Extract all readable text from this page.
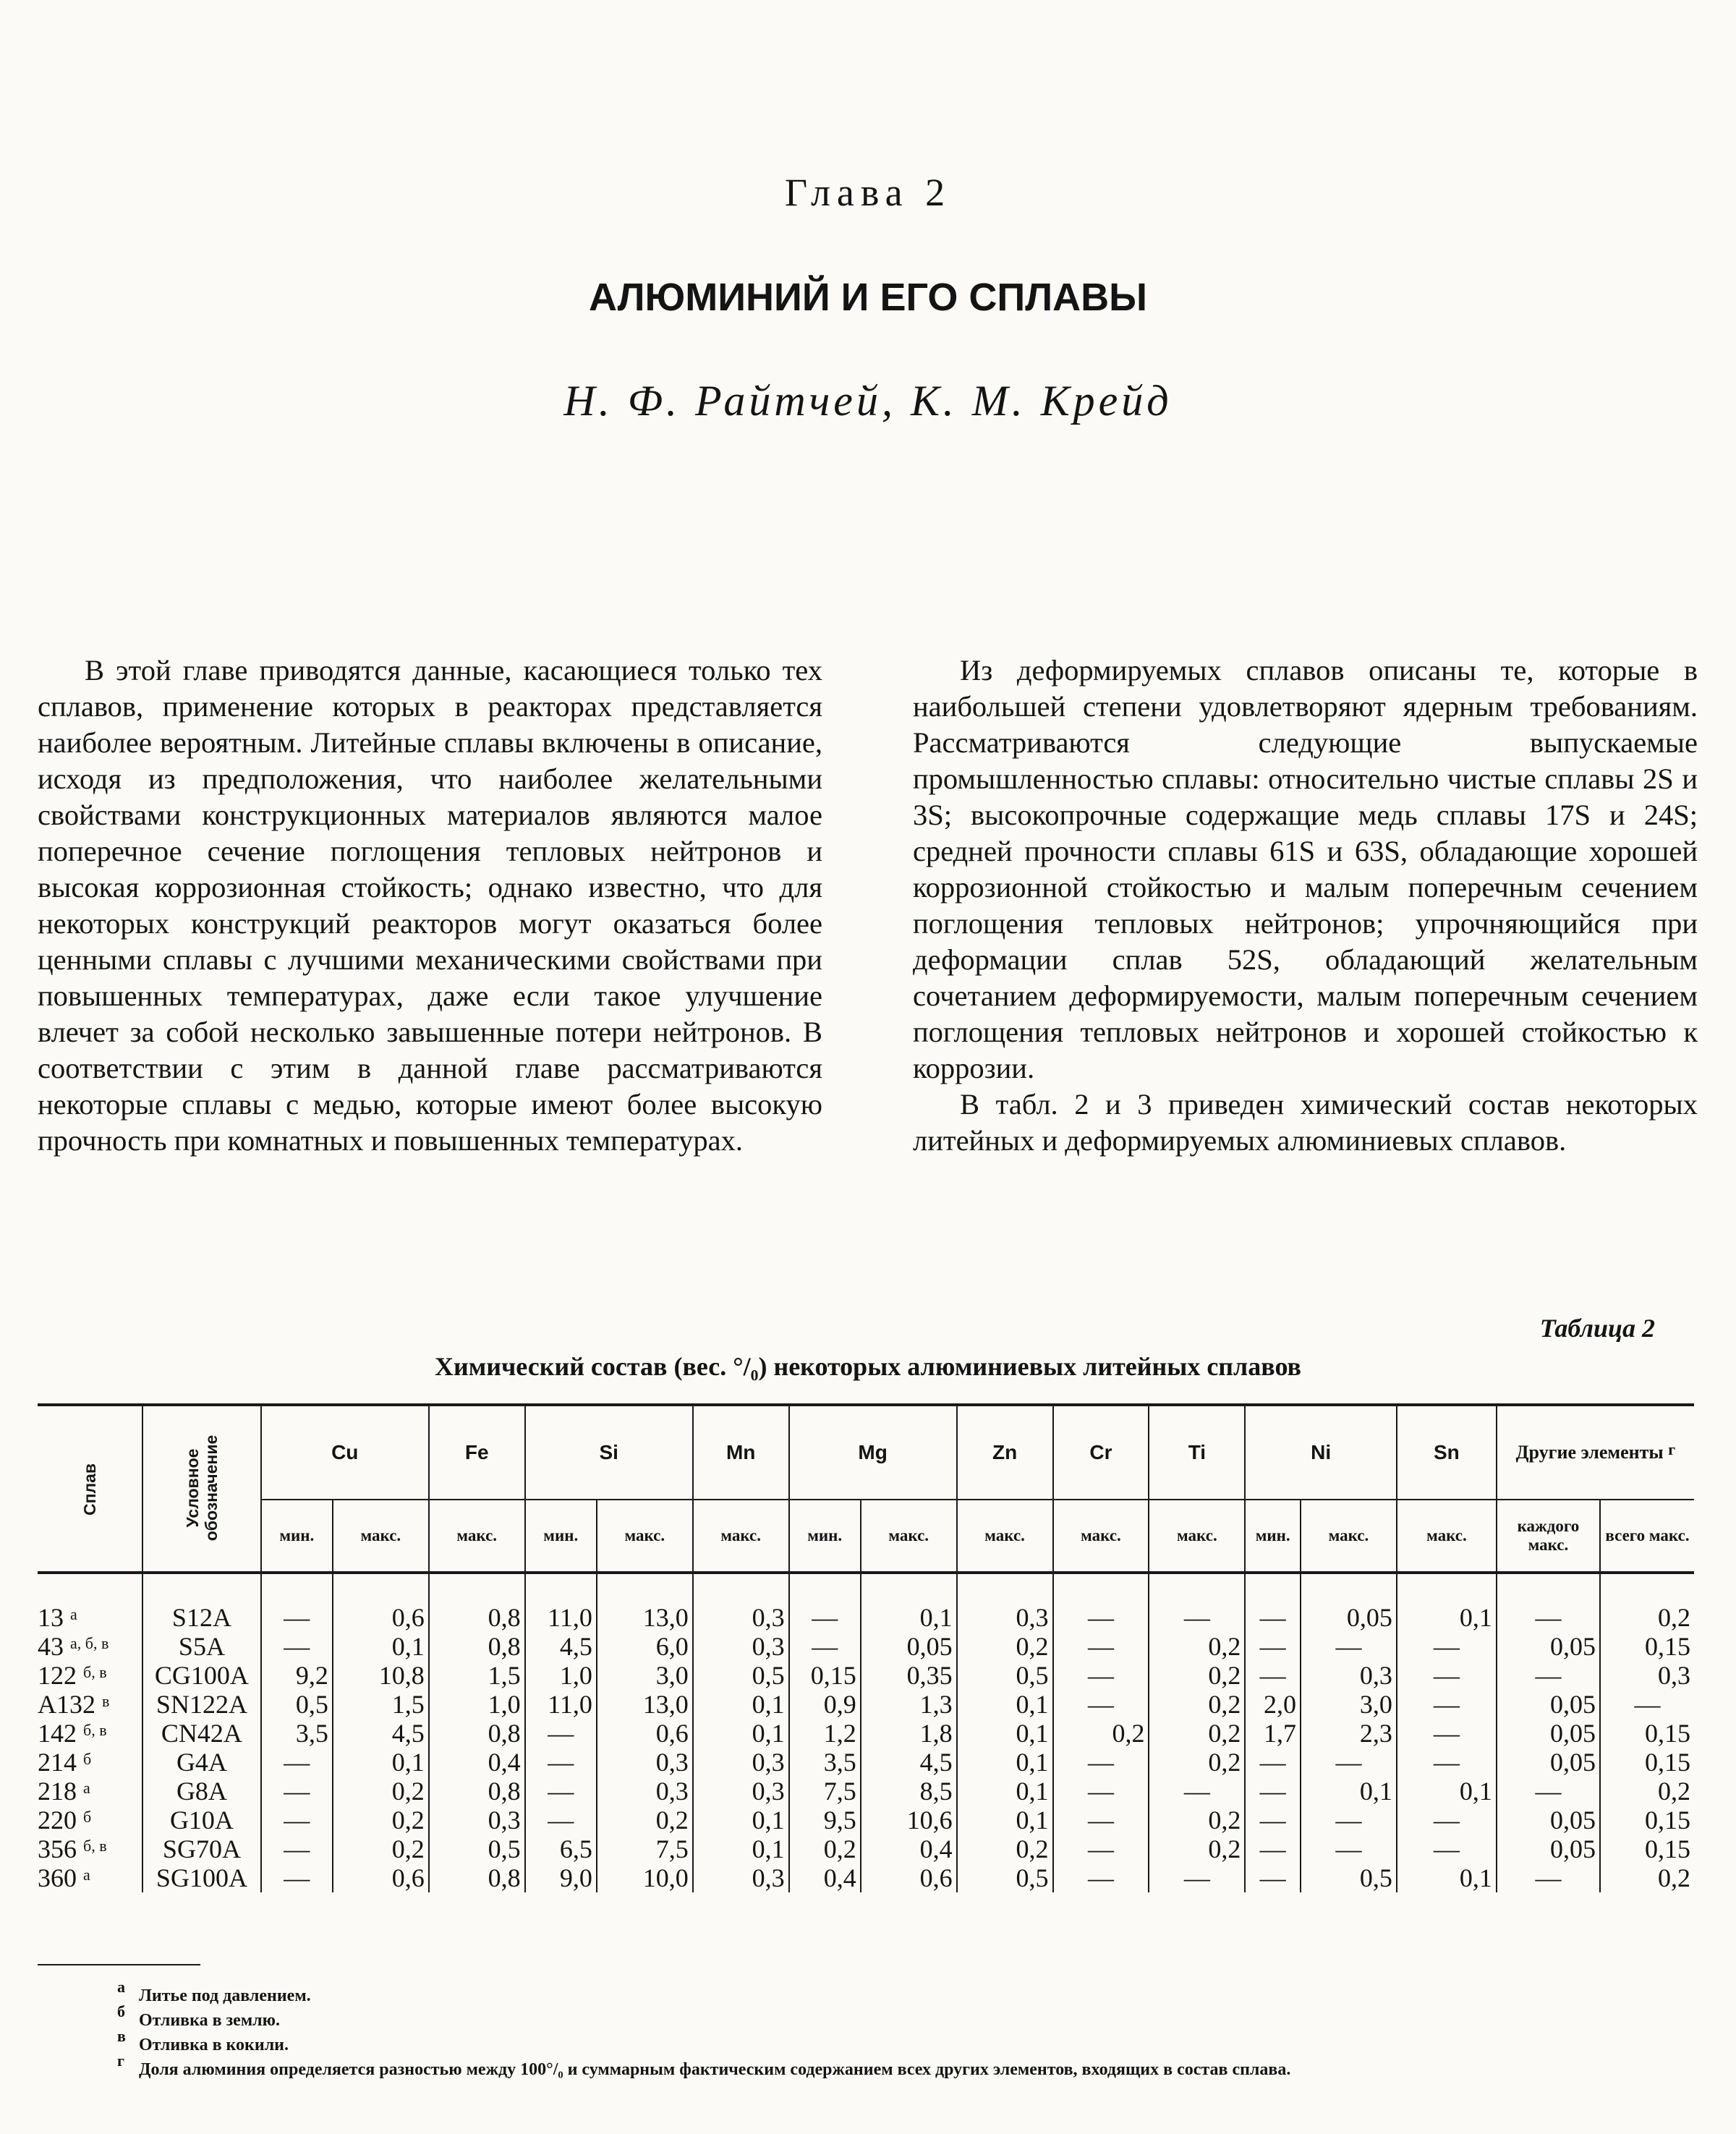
Глава 2
АЛЮМИНИЙ И ЕГО СПЛАВЫ
Н. Ф. Райтчей, К. М. Крейд

В этой главе приводятся данные, касающиеся только тех сплавов, применение которых в реакторах представляется наиболее вероятным. Литейные сплавы включены в описание, исходя из предположения, что наиболее желательными свойствами конструкционных материалов являются малое поперечное сечение поглощения тепловых нейтронов и высокая коррозионная стойкость; однако известно, что для некоторых конструкций реакторов могут оказаться более ценными сплавы с лучшими механическими свойствами при повышенных температурах, даже если такое улучшение влечет за собой несколько завышенные потери нейтронов. В соответствии с этим в данной главе рассматриваются некоторые сплавы с медью, которые имеют более высокую прочность при комнатных и повышенных температурах.

Из деформируемых сплавов описаны те, которые в наибольшей степени удовлетворяют ядерным требованиям. Рассматриваются следующие выпускаемые промышленностью сплавы: относительно чистые сплавы 2S и 3S; высокопрочные содержащие медь сплавы 17S и 24S; средней прочности сплавы 61S и 63S, обладающие хорошей коррозионной стойкостью и малым поперечным сечением поглощения тепловых нейтронов; упрочняющийся при деформации сплав 52S, обладающий желательным сочетанием деформируемости, малым поперечным сечением поглощения тепловых нейтронов и хорошей стойкостью к коррозии.

В табл. 2 и 3 приведен химический состав некоторых литейных и деформируемых алюминиевых сплавов.

Таблица 2
Химический состав (вес. °/₀) некоторых алюминиевых литейных сплавов
Сплав	Условное обозначение	Cu		Fe	Si		Mn	Mg		Zn	Cr	Ti	Ni		Sn	Другие элементы $^г$
		мин.	макс.	макс.	мин.	макс.	макс.	мин.	макс.	макс.	макс.	макс.	мин.	макс.	макс.	каждого макс.	всего макс.
13 $^а$	S12A	—	0,6	0,8	11,0	13,0	0,3	—	0,1	0,3	—	—	—	0,05	0,1	—	0,2
43 $^{а, б, в}$	S5A	—	0,1	0,8	4,5	6,0	0,3	—	0,05	0,2	—	0,2	—	—	—	0,05	0,15
122 $^{б, в}$	CG100A	9,2	10,8	1,5	1,0	3,0	0,5	0,15	0,35	0,5	—	0,2	—	0,3	—	—	0,3
A132 $^в$	SN122A	0,5	1,5	1,0	11,0	13,0	0,1	0,9	1,3	0,1	—	0,2	2,0	3,0	—	0,05	—
142 $^{б, в}$	CN42A	3,5	4,5	0,8	—	0,6	0,1	1,2	1,8	0,1	0,2	0,2	1,7	2,3	—	0,05	0,15
214 $^б$	G4A	—	0,1	0,4	—	0,3	0,3	3,5	4,5	0,1	—	0,2	—	—	—	0,05	0,15
218 $^а$	G8A	—	0,2	0,8	—	0,3	0,3	7,5	8,5	0,1	—	—	—	0,1	0,1	—	0,2
220 $^б$	G10A	—	0,2	0,3	—	0,2	0,1	9,5	10,6	0,1	—	0,2	—	—	—	0,05	0,15
356 $^{б, в}$	SG70A	—	0,2	0,5	6,5	7,5	0,1	0,2	0,4	0,2	—	0,2	—	—	—	0,05	0,15
360 $^а$	SG100A	—	0,6	0,8	9,0	10,0	0,3	0,4	0,6	0,5	—	—	—	0,5	0,1	—	0,2
а Литье под давлением.
б Отливка в землю.
в Отливка в кокили.
г Доля алюминия определяется разностью между 100°/₀ и суммарным фактическим содержанием всех других элементов, входящих в состав сплава.
